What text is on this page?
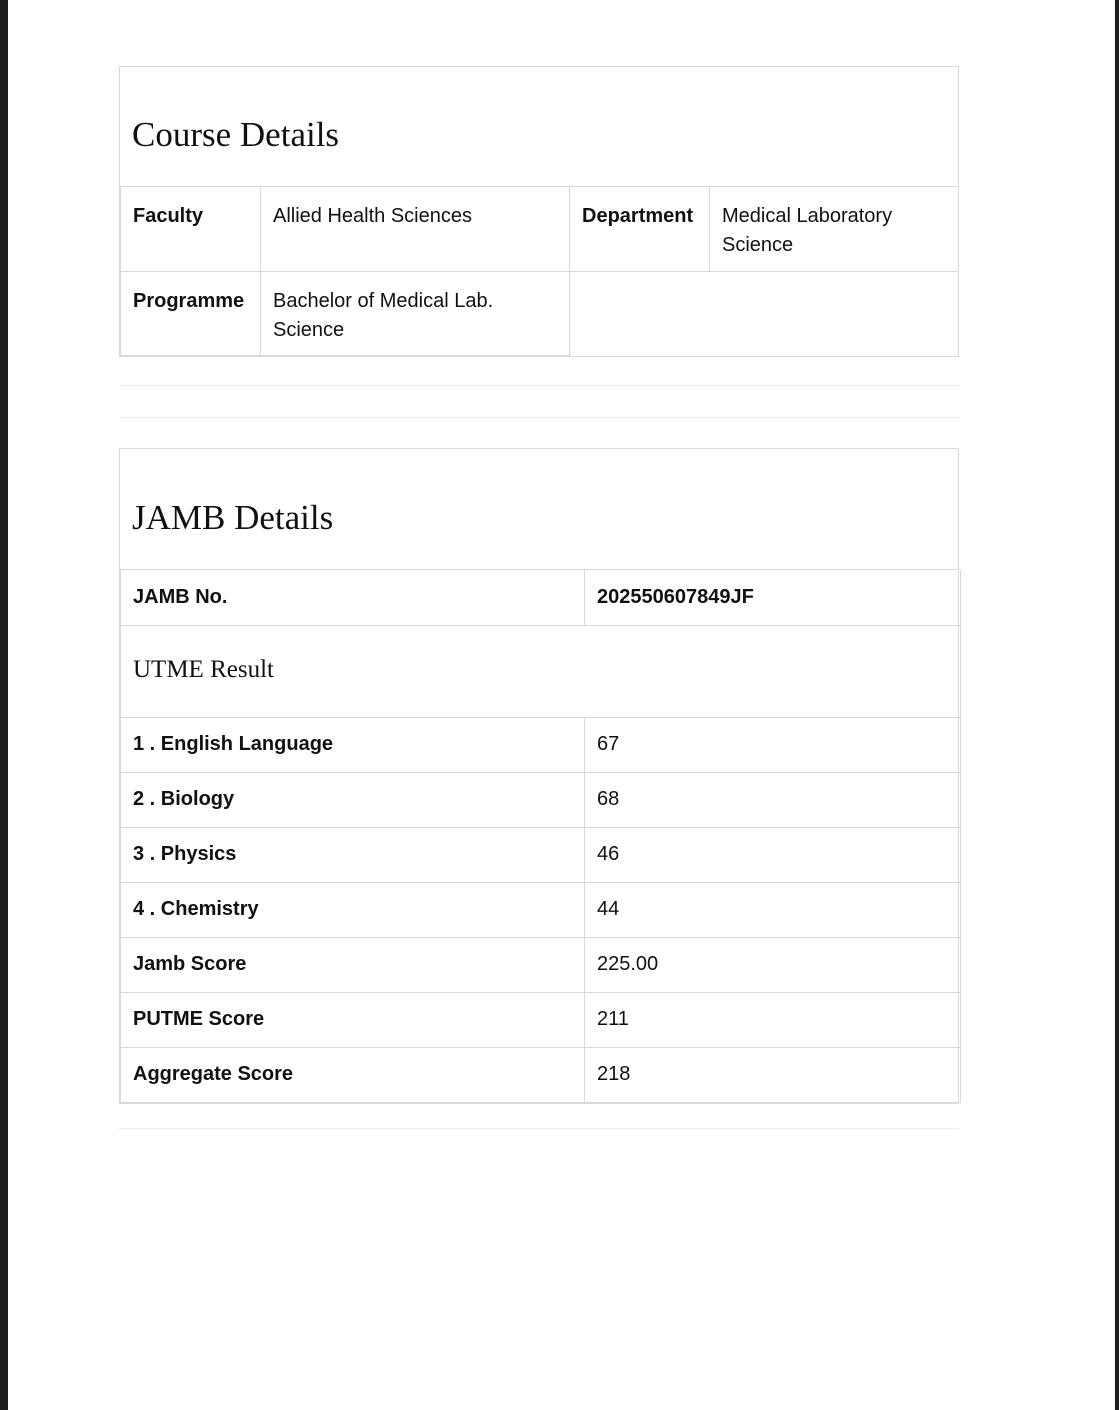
Course Details
Faculty	Allied Health Sciences	Department	Medical Laboratory Science
Programme	Bachelor of Medical Lab. Science		
JAMB Details
JAMB No.	202550607849JF
UTME Result	
1 . English Language	67
2 . Biology	68
3 . Physics	46
4 . Chemistry	44
Jamb Score	225.00
PUTME Score	211
Aggregate Score	218
